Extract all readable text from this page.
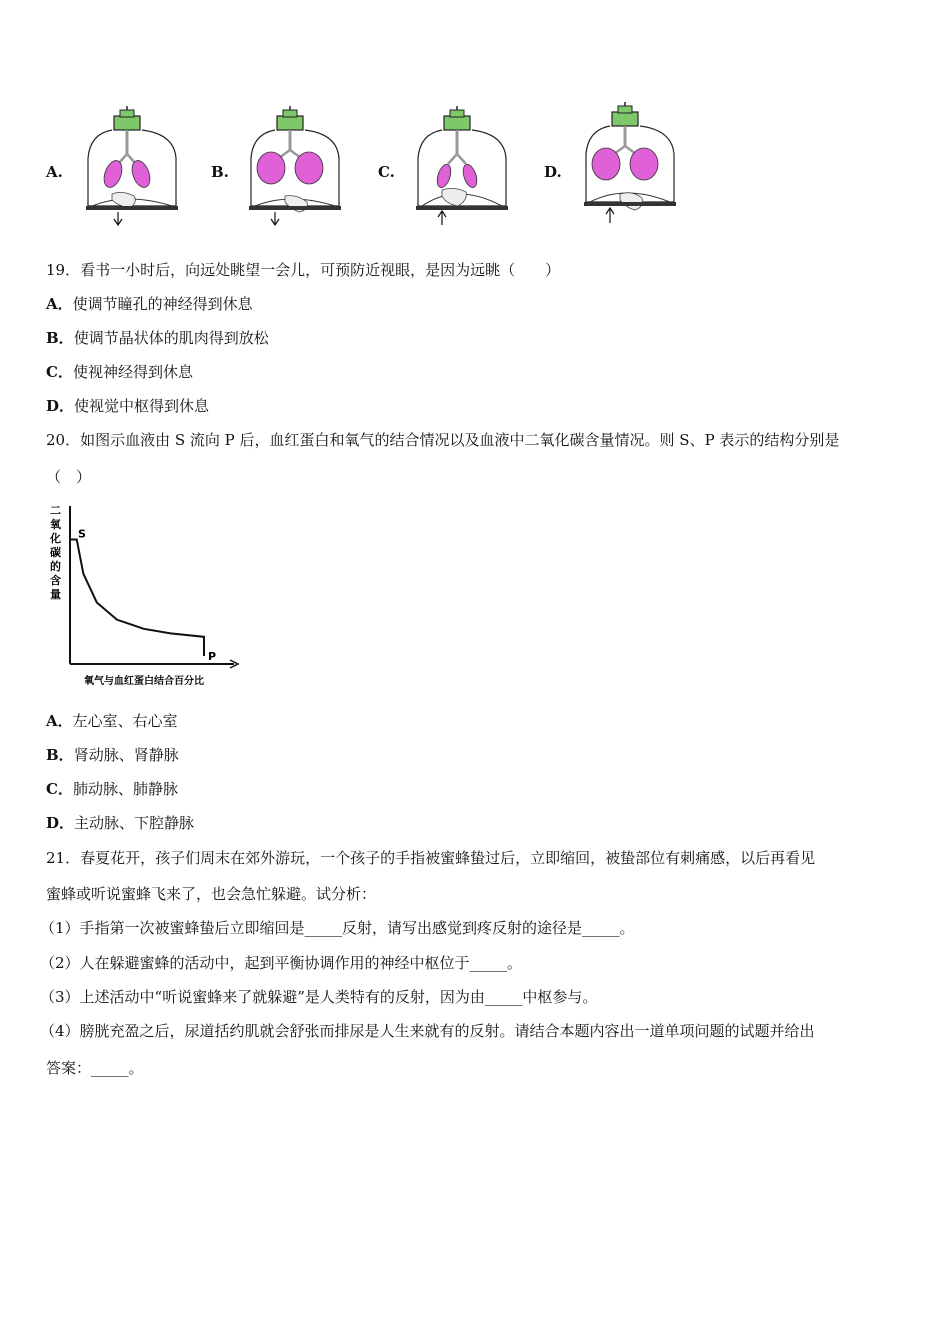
A.	B.	C.	D.
19．看书一小时后，向远处眺望一会儿，可预防近视眼，是因为远眺（　　）
A．使调节瞳孔的神经得到休息
B．使调节晶状体的肌肉得到放松
C．使视神经得到休息
D．使视觉中枢得到休息
20．如图示血液由 S 流向 P 后，血红蛋白和氧气的结合情况以及血液中二氧化碳含量情况。则 S、P 表示的结构分别是
（　）
二
氧
化
碳
的
含
量
S
P
氧气与血红蛋白结合百分比
A．左心室、右心室
B．肾动脉、肾静脉
C．肺动脉、肺静脉
D．主动脉、下腔静脉
21．春夏花开，孩子们周末在郊外游玩，一个孩子的手指被蜜蜂蛰过后，立即缩回，被蛰部位有刺痛感，以后再看见
蜜蜂或听说蜜蜂飞来了，也会急忙躲避。试分析：
（1）手指第一次被蜜蜂蛰后立即缩回是_____反射，请写出感觉到疼反射的途径是_____。
（2）人在躲避蜜蜂的活动中，起到平衡协调作用的神经中枢位于_____。
（3）上述活动中“听说蜜蜂来了就躲避”是人类特有的反射，因为由_____中枢参与。
（4）膀胱充盈之后，尿道括约肌就会舒张而排尿是人生来就有的反射。请结合本题内容出一道单项问题的试题并给出
答案：_____。
